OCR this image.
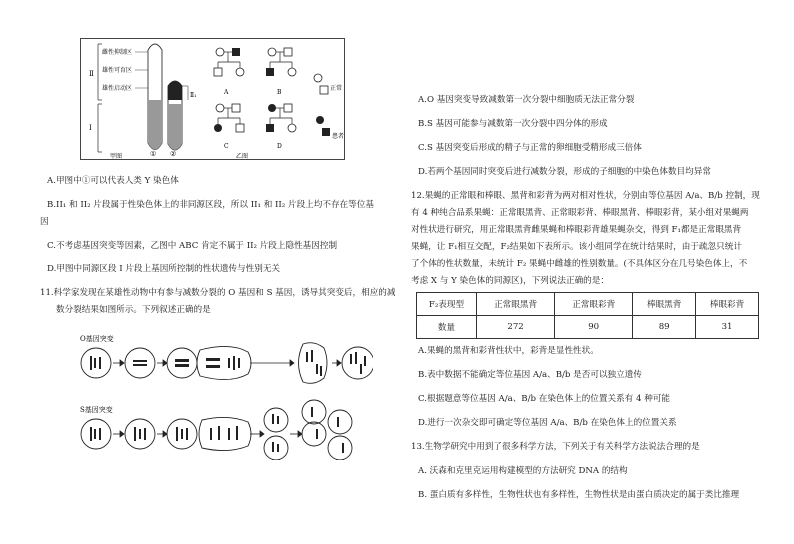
Ⅱ
Ⅰ
雌性抑制区
雄性可育区
雄性启动区
Ⅱ₁
① ②
甲图
A	B
C	D
正常
患者
乙图
A.甲图中①可以代表人类 Y 染色体
B.II₁ 和 II₂ 片段属于性染色体上的非同源区段，所以 II₁ 和 II₂ 片段上均不存在等位基
因
C.不考虑基因突变等因素，乙图中 ABC 肯定不属于 II₂ 片段上隐性基因控制
D.甲图中同源区段 I 片段上基因所控制的性状遗传与性别无关
11.科学家发现在某雄性动物中有参与减数分裂的 O 基因和 S 基因，诱导其突变后，相应的减
数分裂结果如图所示。下列叙述正确的是
O基因突变
S基因突变
A.O 基因突变导致减数第一次分裂中细胞质无法正常分裂
B.S 基因可能参与减数第一次分裂中四分体的形成
C.S 基因突变后形成的精子与正常的卵细胞受精形成三倍体
D.若两个基因同时突变后进行减数分裂，形成的子细胞的中染色体数目均异常
12.果蝇的正常眼和棒眼、黑背和彩背为两对相对性状，分别由等位基因 A/a、B/b 控制，现
有 4 种纯合品系果蝇：正常眼黑背、正常眼彩背、棒眼黑背、棒眼彩背，某小组对果蝇两
对性状进行研究，用正常眼黑背雌果蝇和棒眼彩背雄果蝇杂交，得到 F₁都是正常眼黑背
果蝇，让 F₁相互交配，F₂结果如下表所示。该小组同学在统计结果时，由于疏忽只统计
了个体的性状数量，未统计 F₂ 果蝇中雌雄的性别数量。(不具体区分在几号染色体上，不
考虑 X 与 Y 染色体的同源区)，下列说法正确的是：
F₂表现型	正常眼黑背	正常眼彩背	棒眼黑背	棒眼彩背
数量	272	90	89	31
A.果蝇的黑背和彩背性状中，彩背是显性性状。
B.表中数据不能确定等位基因 A/a、B/b 是否可以独立遗传
C.根据题意等位基因 A/a、B/b 在染色体上的位置关系有 4 种可能
D.进行一次杂交即可确定等位基因 A/a、B/b 在染色体上的位置关系
13.生物学研究中用到了很多科学方法，下列关于有关科学方法说法合理的是
A. 沃森和克里克运用构建模型的方法研究 DNA 的结构
B. 蛋白质有多样性，生物性状也有多样性，生物性状是由蛋白质决定的属于类比推理
